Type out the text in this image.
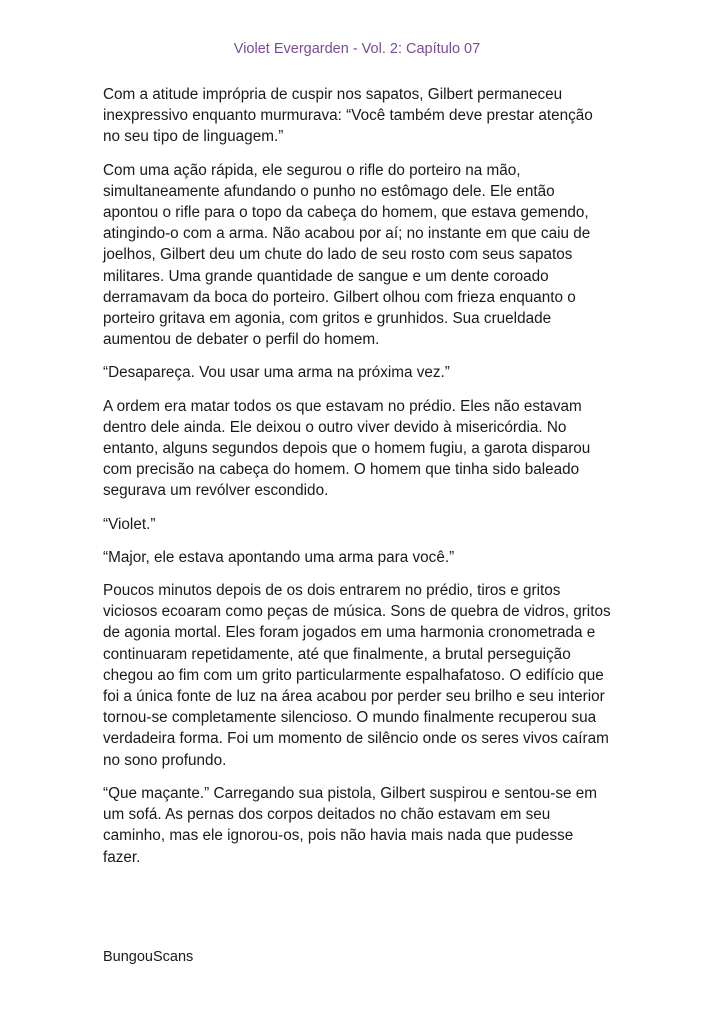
Violet Evergarden - Vol. 2: Capítulo 07

Com a atitude imprópria de cuspir nos sapatos, Gilbert permaneceu inexpressivo enquanto murmurava: “Você também deve prestar atenção no seu tipo de linguagem.”

Com uma ação rápida, ele segurou o rifle do porteiro na mão, simultaneamente afundando o punho no estômago dele. Ele então apontou o rifle para o topo da cabeça do homem, que estava gemendo, atingindo-o com a arma. Não acabou por aí; no instante em que caiu de joelhos, Gilbert deu um chute do lado de seu rosto com seus sapatos militares. Uma grande quantidade de sangue e um dente coroado derramavam da boca do porteiro. Gilbert olhou com frieza enquanto o porteiro gritava em agonia, com gritos e grunhidos. Sua crueldade aumentou de debater o perfil do homem.

“Desapareça. Vou usar uma arma na próxima vez.”

A ordem era matar todos os que estavam no prédio. Eles não estavam dentro dele ainda. Ele deixou o outro viver devido à misericórdia. No entanto, alguns segundos depois que o homem fugiu, a garota disparou com precisão na cabeça do homem. O homem que tinha sido baleado segurava um revólver escondido.

“Violet.”

“Major, ele estava apontando uma arma para você.”

Poucos minutos depois de os dois entrarem no prédio, tiros e gritos viciosos ecoaram como peças de música. Sons de quebra de vidros, gritos de agonia mortal. Eles foram jogados em uma harmonia cronometrada e continuaram repetidamente, até que finalmente, a brutal perseguição chegou ao fim com um grito particularmente espalhafatoso. O edifício que foi a única fonte de luz na área acabou por perder seu brilho e seu interior tornou-se completamente silencioso. O mundo finalmente recuperou sua verdadeira forma. Foi um momento de silêncio onde os seres vivos caíram no sono profundo.

“Que maçante.” Carregando sua pistola, Gilbert suspirou e sentou-se em um sofá. As pernas dos corpos deitados no chão estavam em seu caminho, mas ele ignorou-os, pois não havia mais nada que pudesse fazer.

BungouScans
